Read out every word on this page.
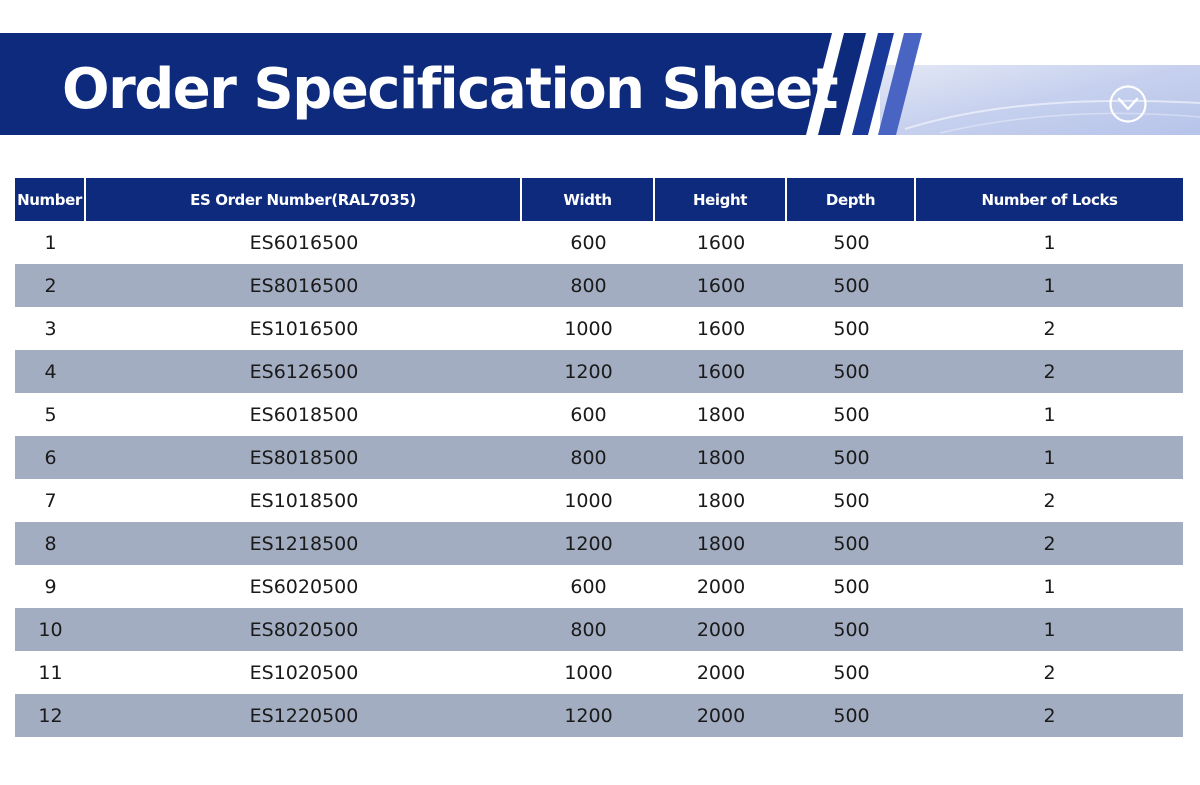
Order Specification Sheet
Number	ES Order Number(RAL7035)	Width	Height	Depth	Number of Locks
1	ES6016500	600	1600	500	1
2	ES8016500	800	1600	500	1
3	ES1016500	1000	1600	500	2
4	ES6126500	1200	1600	500	2
5	ES6018500	600	1800	500	1
6	ES8018500	800	1800	500	1
7	ES1018500	1000	1800	500	2
8	ES1218500	1200	1800	500	2
9	ES6020500	600	2000	500	1
10	ES8020500	800	2000	500	1
11	ES1020500	1000	2000	500	2
12	ES1220500	1200	2000	500	2
